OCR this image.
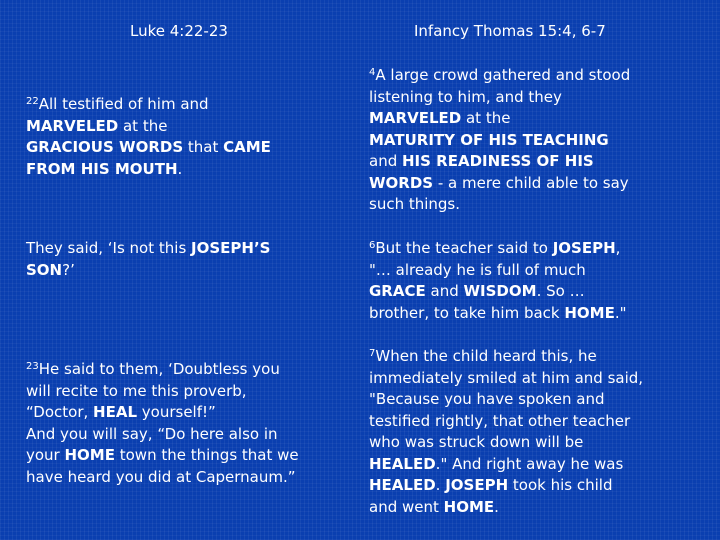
Luke 4:22-23	Infancy Thomas 15:4, 6-7

$^{22}$All testified of him and

MARVELED at the

GRACIOUS WORDS that CAME

FROM HIS MOUTH.

$^4$A large crowd gathered and stood

listening to him, and they

MARVELED at the

MATURITY OF HIS TEACHING

and HIS READINESS OF HIS

WORDS - a mere child able to say

such things.

They said, ‘Is not this JOSEPH’S

SON?’

$^6$But the teacher said to JOSEPH,

"… already he is full of much

GRACE and WISDOM. So …

brother, to take him back HOME."

$^{23}$He said to them, ‘Doubtless you

will recite to me this proverb,

“Doctor, HEAL yourself!”

And you will say, “Do here also in

your HOME town the things that we

have heard you did at Capernaum.”

$^7$When the child heard this, he

immediately smiled at him and said,

"Because you have spoken and

testified rightly, that other teacher

who was struck down will be

HEALED." And right away he was

HEALED. JOSEPH took his child

and went HOME.
